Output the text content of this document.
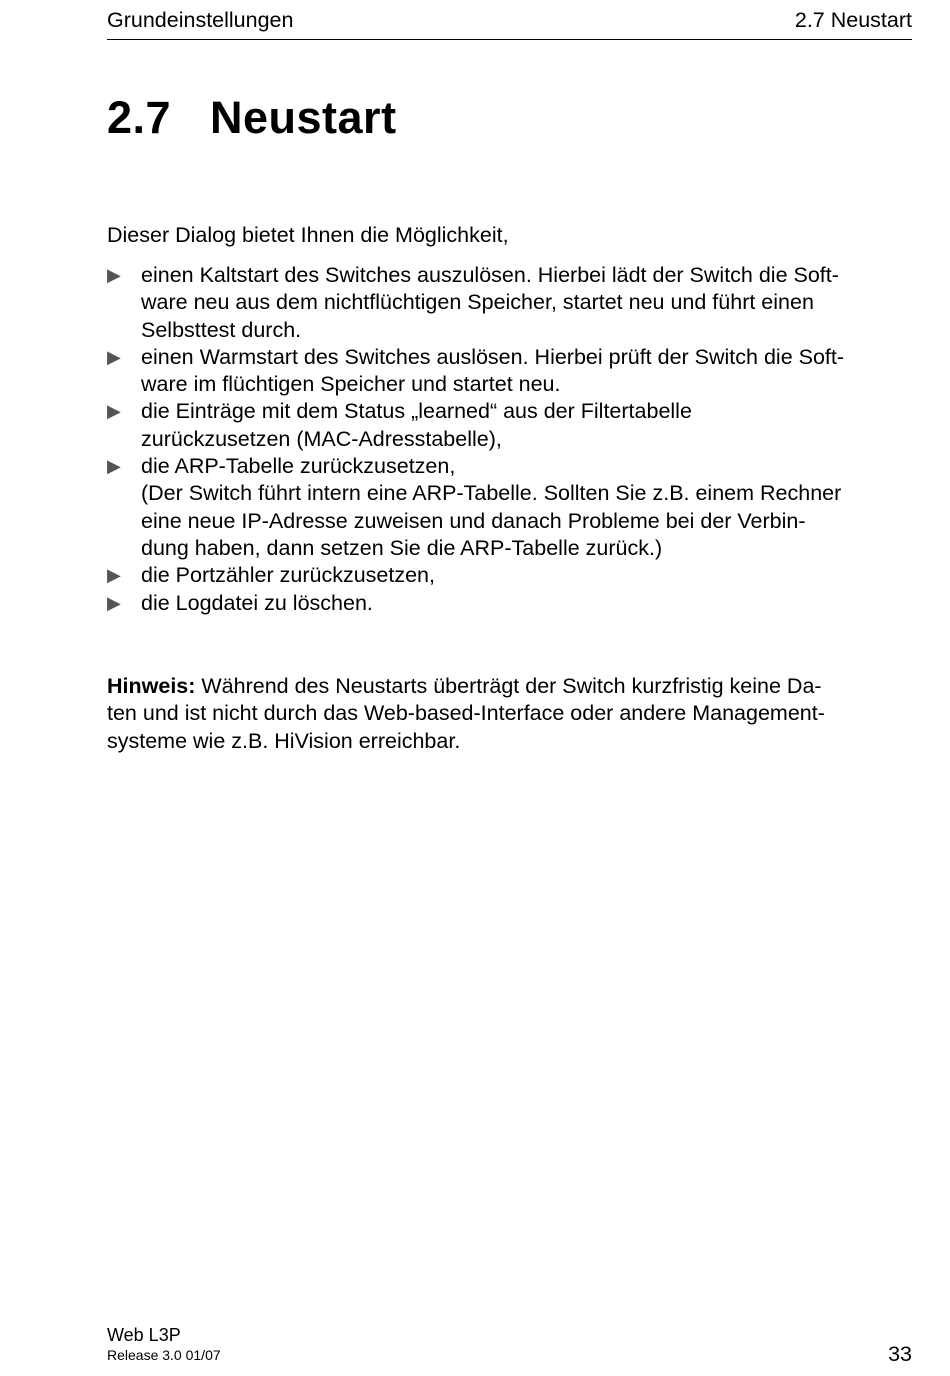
Grundeinstellungen	2.7 Neustart
2.7 Neustart
Dieser Dialog bietet Ihnen die Möglichkeit,
▶ einen Kaltstart des Switches auszulösen. Hierbei lädt der Switch die Soft-
ware neu aus dem nichtflüchtigen Speicher, startet neu und führt einen
Selbsttest durch.
▶ einen Warmstart des Switches auslösen. Hierbei prüft der Switch die Soft-
ware im flüchtigen Speicher und startet neu.
▶ die Einträge mit dem Status „learned“ aus der Filtertabelle
zurückzusetzen (MAC-Adresstabelle),
▶ die ARP-Tabelle zurückzusetzen,
(Der Switch führt intern eine ARP-Tabelle. Sollten Sie z.B. einem Rechner
eine neue IP-Adresse zuweisen und danach Probleme bei der Verbin-
dung haben, dann setzen Sie die ARP-Tabelle zurück.)
▶ die Portzähler zurückzusetzen,
▶ die Logdatei zu löschen.
Hinweis: Während des Neustarts überträgt der Switch kurzfristig keine Da-
ten und ist nicht durch das Web-based-Interface oder andere Management-
systeme wie z.B. HiVision erreichbar.
Web L3P
Release 3.0 01/07	33
